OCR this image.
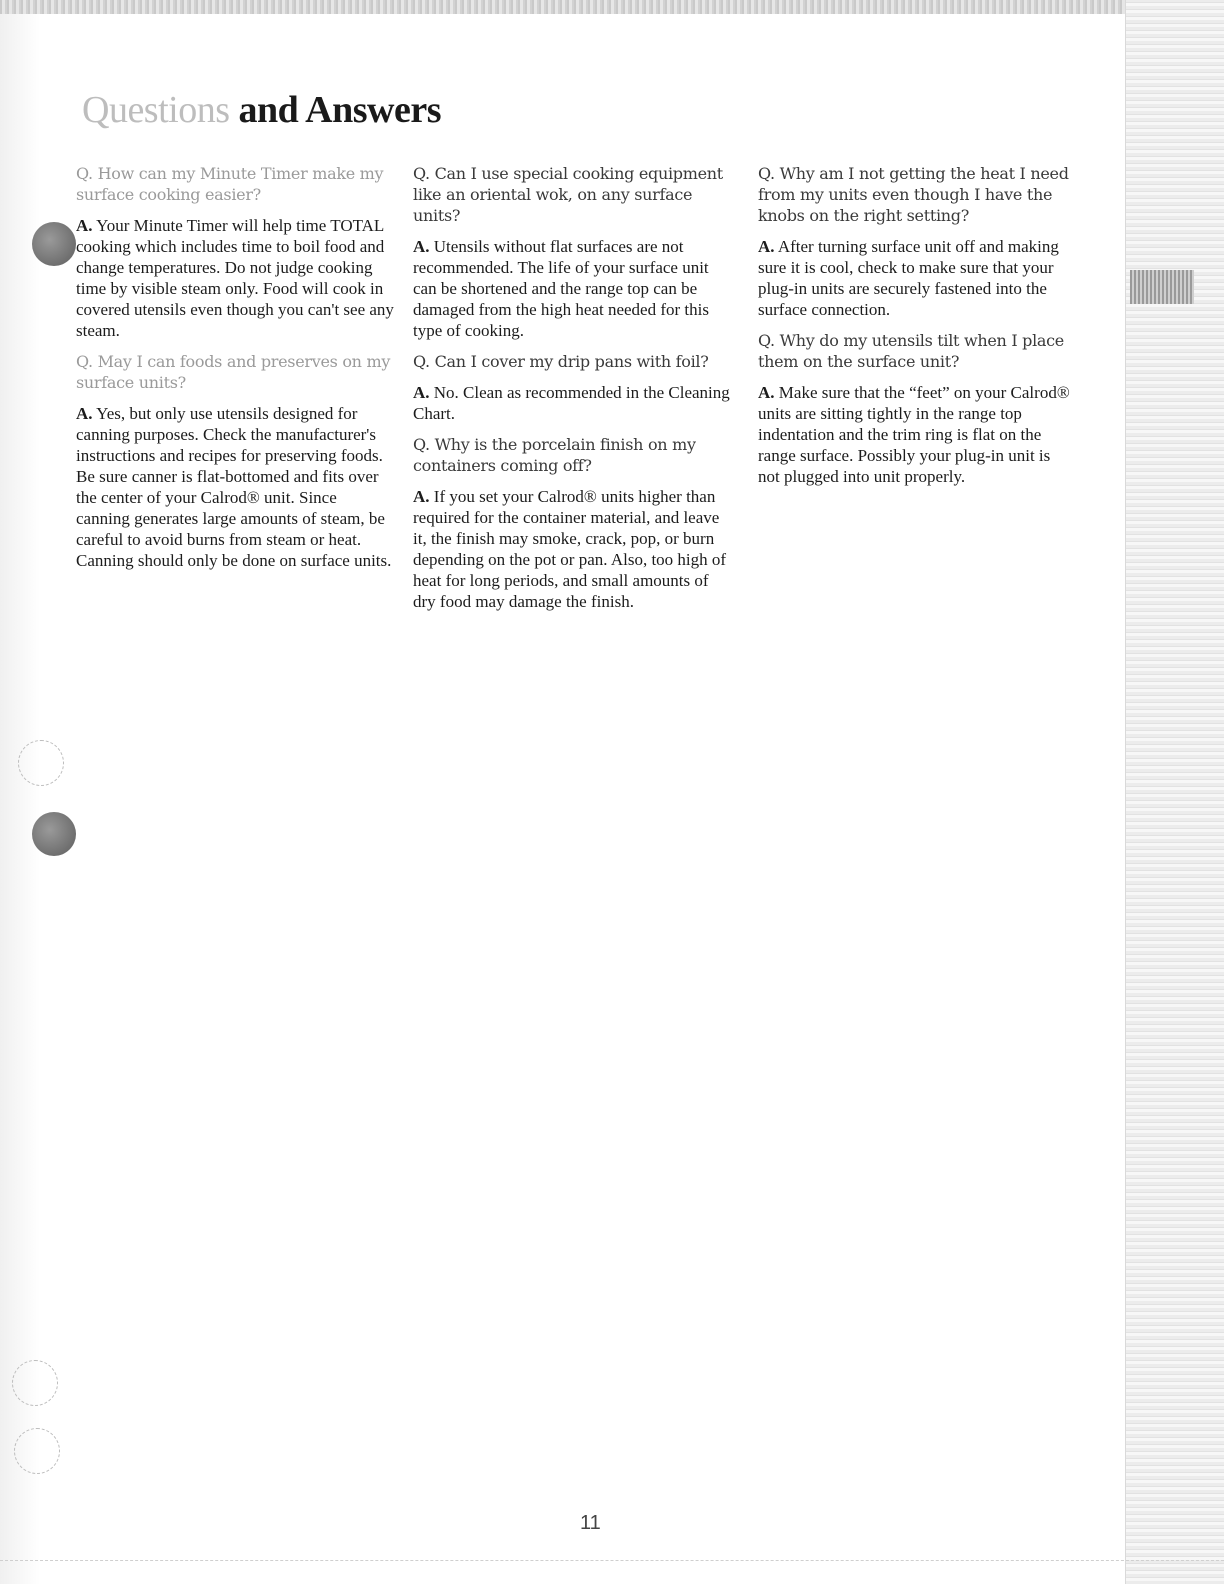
Questions and Answers

Q. How can my Minute Timer make my surface cooking easier?

A. Your Minute Timer will help time TOTAL cooking which includes time to boil food and change temperatures. Do not judge cooking time by visible steam only. Food will cook in covered utensils even though you can't see any steam.

Q. May I can foods and preserves on my surface units?

A. Yes, but only use utensils designed for canning purposes. Check the manufacturer's instructions and recipes for preserving foods. Be sure canner is flat-bottomed and fits over the center of your Calrod® unit. Since canning generates large amounts of steam, be careful to avoid burns from steam or heat. Canning should only be done on surface units.

Q. Can I use special cooking equipment like an oriental wok, on any surface units?

A. Utensils without flat surfaces are not recommended. The life of your surface unit can be shortened and the range top can be damaged from the high heat needed for this type of cooking.

Q. Can I cover my drip pans with foil?

A. No. Clean as recommended in the Cleaning Chart.

Q. Why is the porcelain finish on my containers coming off?

A. If you set your Calrod® units higher than required for the container material, and leave it, the finish may smoke, crack, pop, or burn depending on the pot or pan. Also, too high of heat for long periods, and small amounts of dry food may damage the finish.

Q. Why am I not getting the heat I need from my units even though I have the knobs on the right setting?

A. After turning surface unit off and making sure it is cool, check to make sure that your plug-in units are securely fastened into the surface connection.

Q. Why do my utensils tilt when I place them on the surface unit?

A. Make sure that the “feet” on your Calrod® units are sitting tightly in the range top indentation and the trim ring is flat on the range surface. Possibly your plug-in unit is not plugged into unit properly.

11
